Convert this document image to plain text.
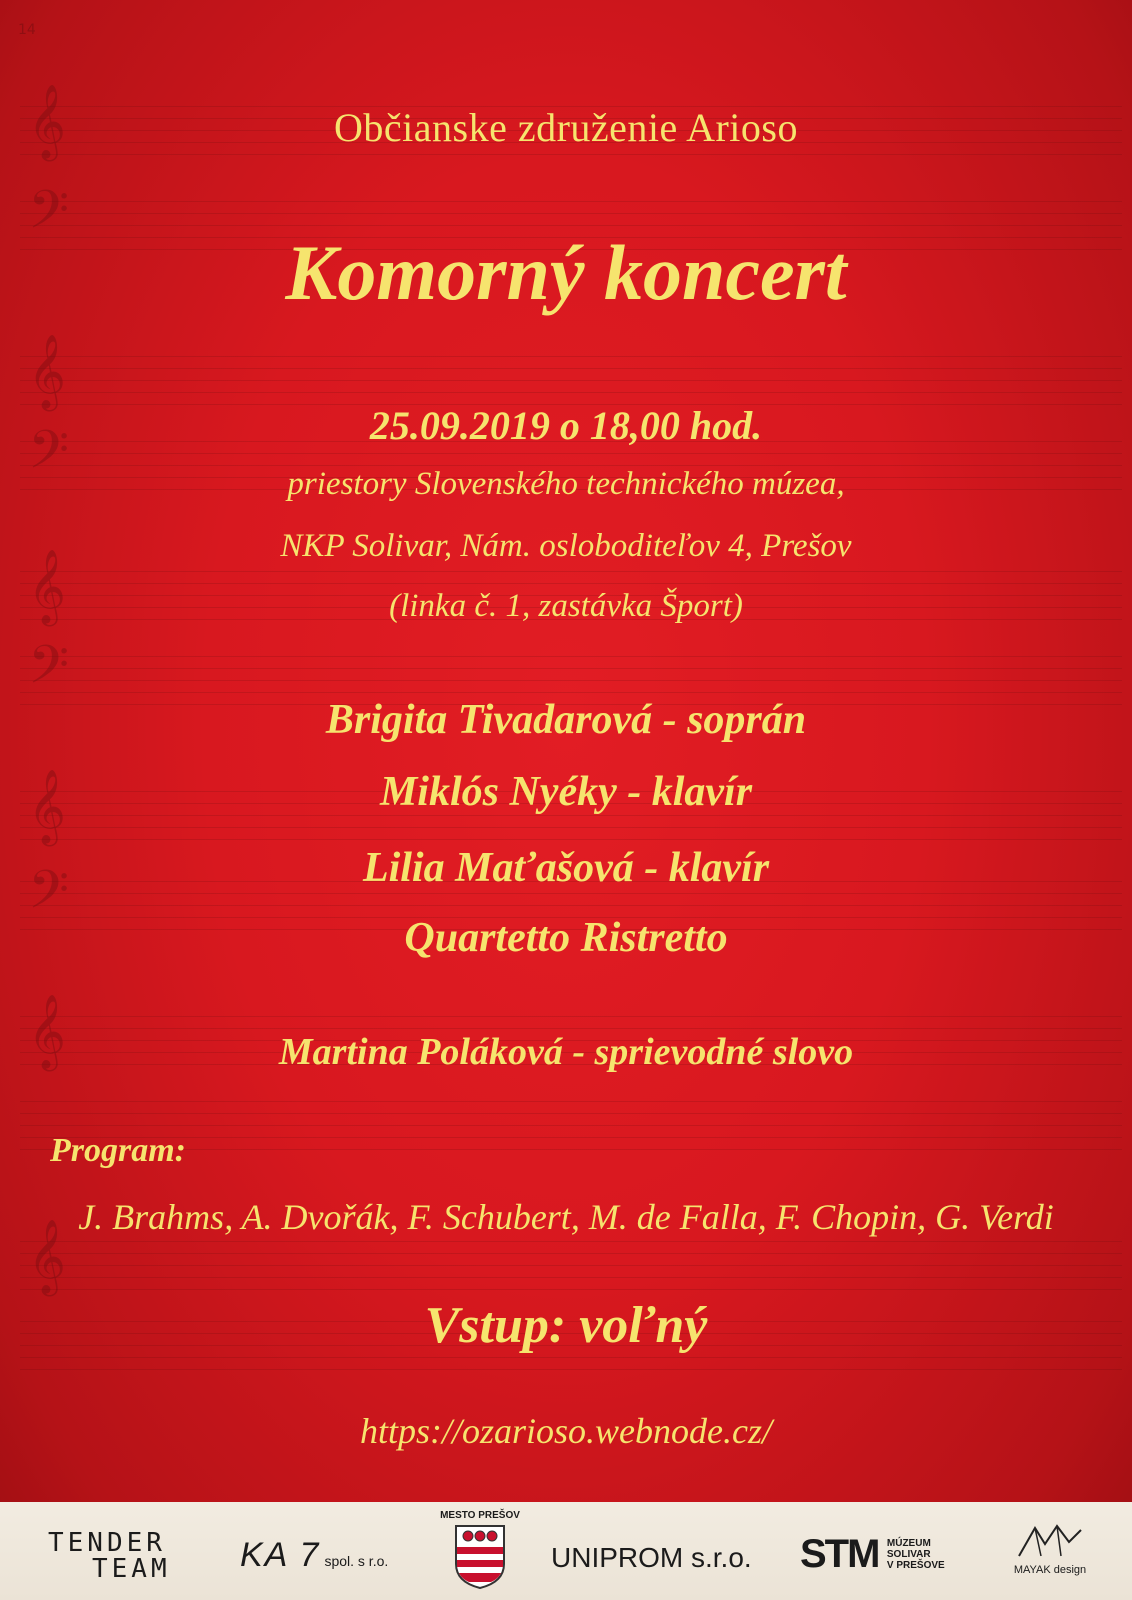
14
𝄞
𝄢
𝄞
𝄢
𝄞
𝄢
𝄞
𝄢
𝄞
𝄞
Občianske združenie Arioso
Komorný koncert
25.09.2019 o 18,00 hod.
priestory Slovenského technického múzea,
NKP Solivar, Nám. osloboditeľov 4, Prešov
(linka č. 1, zastávka Šport)
Brigita Tivadarová - soprán
Miklós Nyéky - klavír
Lilia Maťašová - klavír
Quartetto Ristretto
Martina Poláková - sprievodné slovo
Program:
J. Brahms, A. Dvořák, F. Schubert, M. de Falla, F. Chopin, G. Verdi
Vstup: voľný
https://ozarioso.webnode.cz/
TENDER
TEAM	KA 7 spol. s r.o.
MESTO PREŠOV
UNIPROM s.r.o. STM MÚZEUM
SOLIVAR
V PREŠOVE	MAYAK design
